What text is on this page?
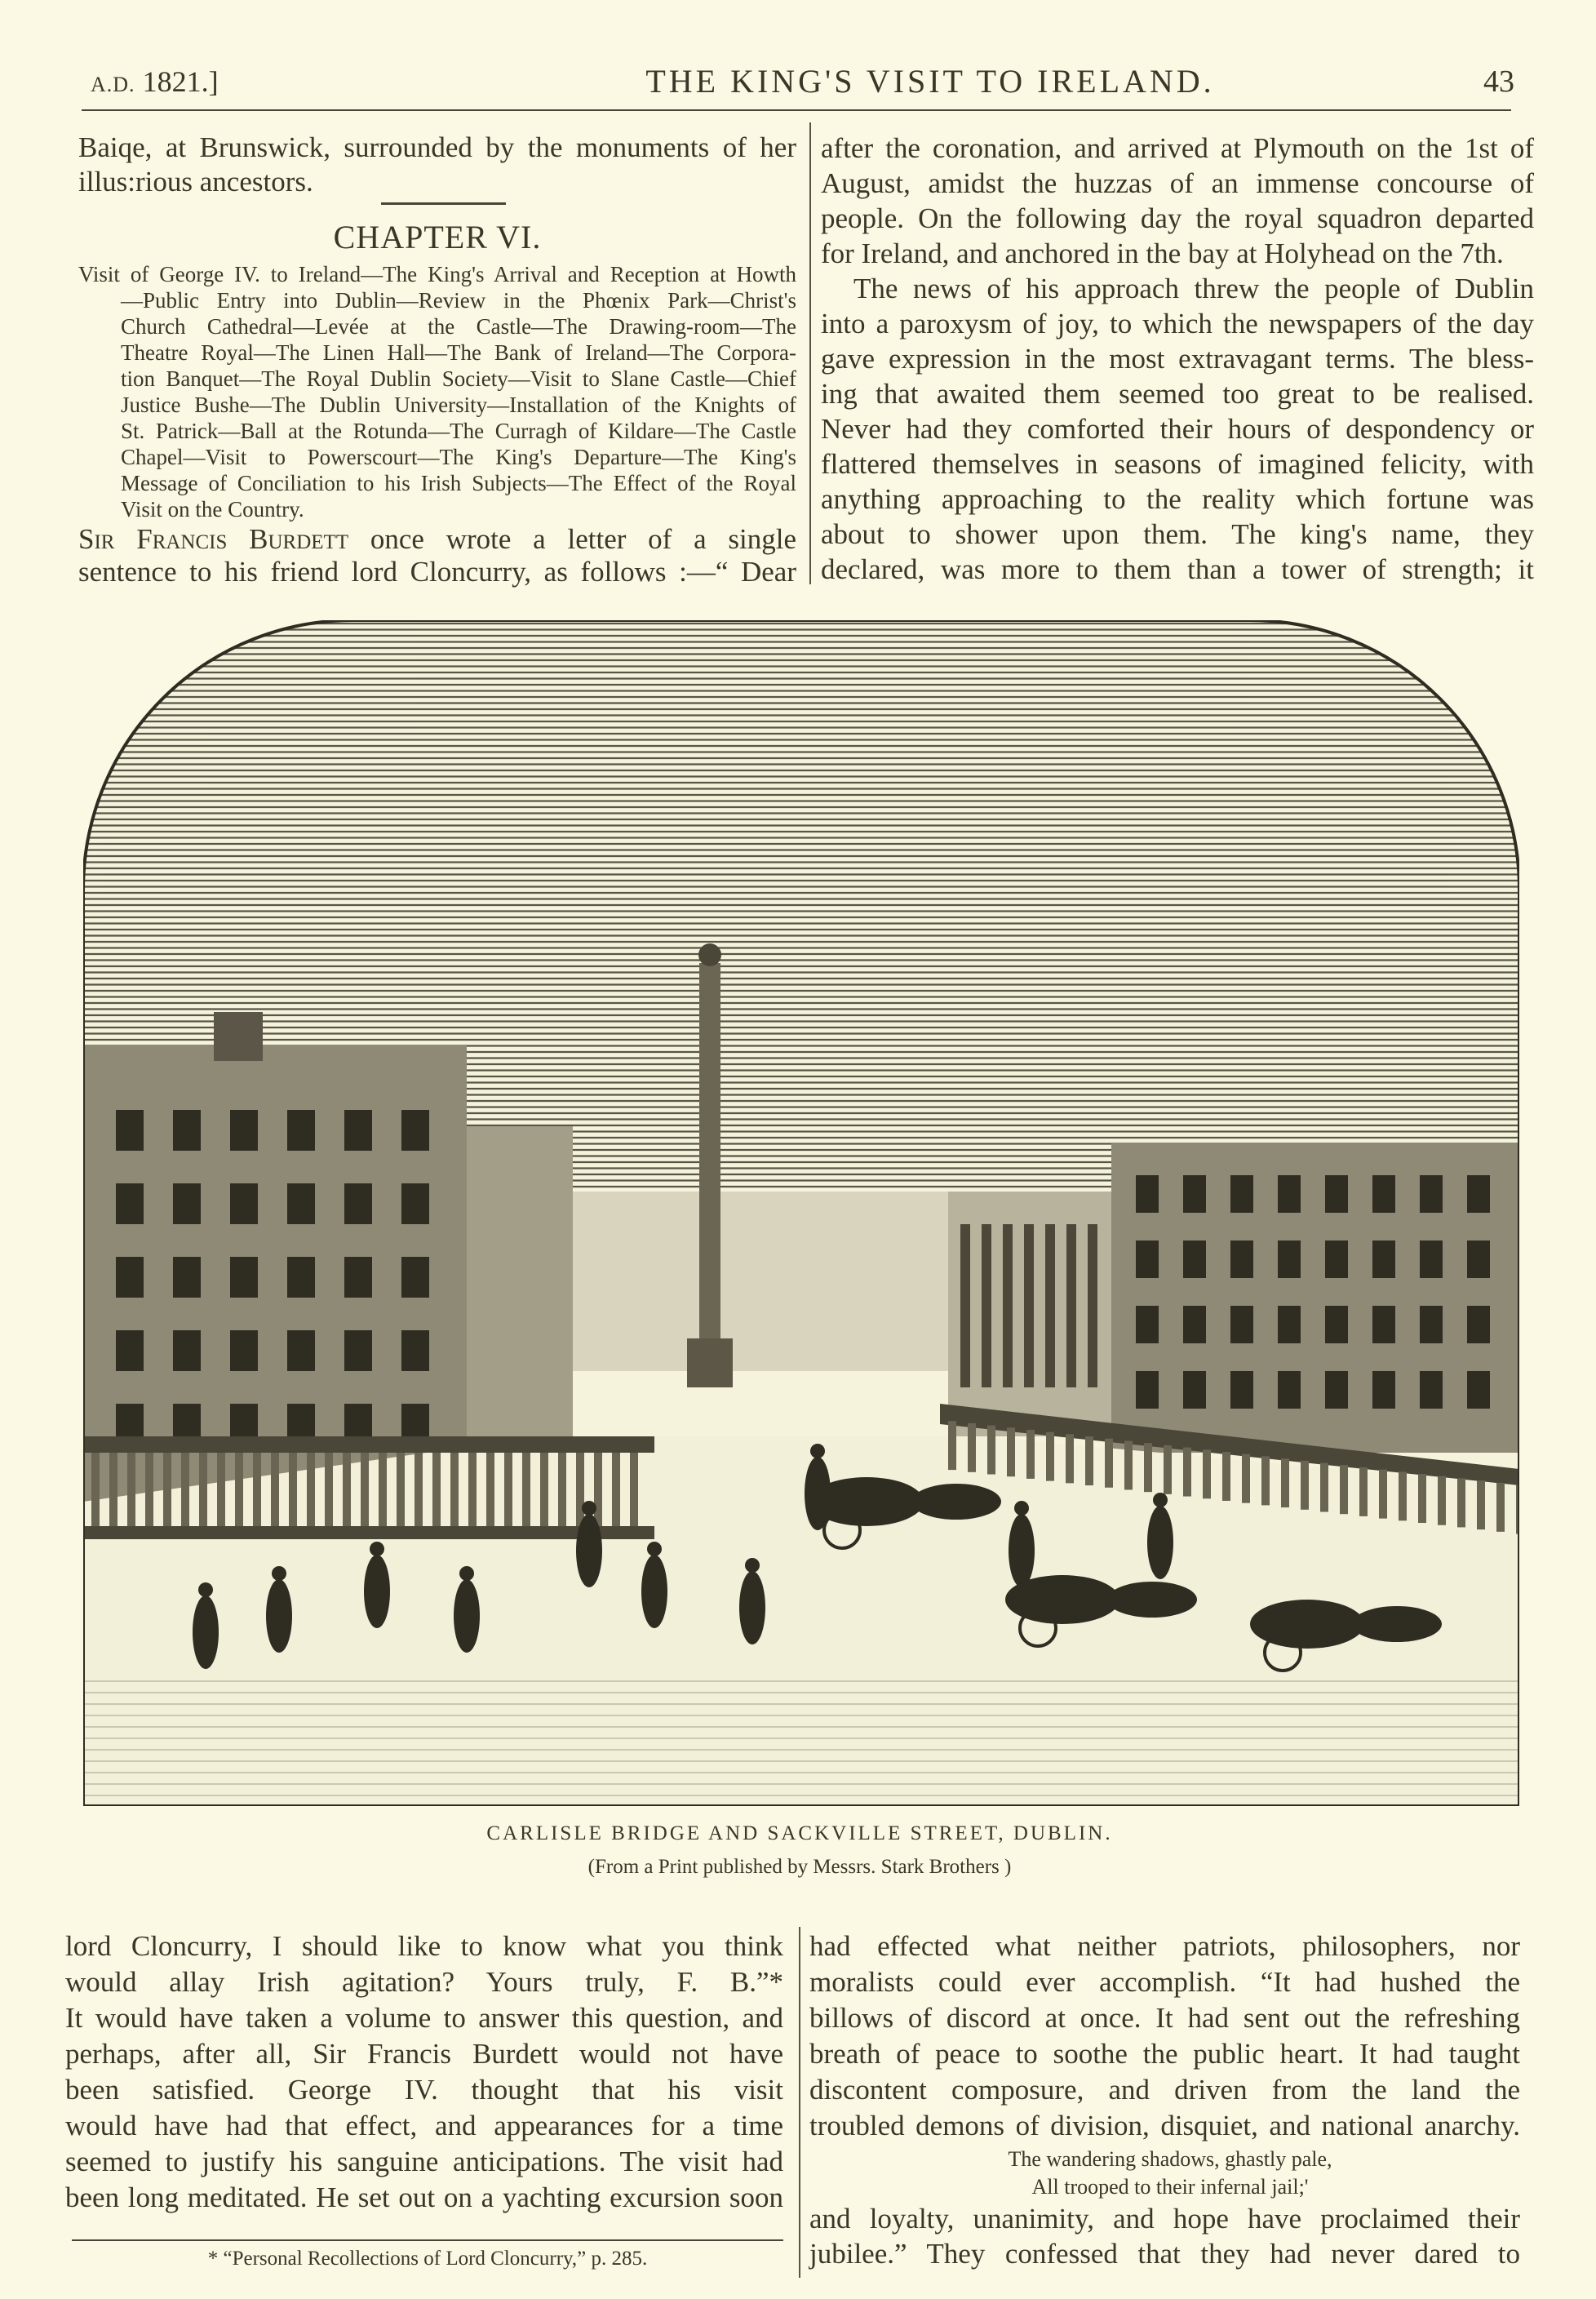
A.D. 1821.]	THE KING'S VISIT TO IRELAND.	43
Baiqe, at Brunswick, surrounded by the monuments of her
illus:rious ancestors.
CHAPTER VI.
Visit of George IV. to Ireland—The King's Arrival and Reception at Howth
—Public Entry into Dublin—Review in the Phœnix Park—Christ's
Church Cathedral—Levée at the Castle—The Drawing-room—The
Theatre Royal—The Linen Hall—The Bank of Ireland—The Corpora-
tion Banquet—The Royal Dublin Society—Visit to Slane Castle—Chief
Justice Bushe—The Dublin University—Installation of the Knights of
St. Patrick—Ball at the Rotunda—The Curragh of Kildare—The Castle
Chapel—Visit to Powerscourt—The King's Departure—The King's
Message of Conciliation to his Irish Subjects—The Effect of the Royal
Visit on the Country.
Sir Francis Burdett once wrote a letter of a single
sentence to his friend lord Cloncurry, as follows :—“ Dear
after the coronation, and arrived at Plymouth on the 1st of
August, amidst the huzzas of an immense concourse of
people. On the following day the royal squadron departed
for Ireland, and anchored in the bay at Holyhead on the 7th.
The news of his approach threw the people of Dublin
into a paroxysm of joy, to which the newspapers of the day
gave expression in the most extravagant terms. The bless-
ing that awaited them seemed too great to be realised.
Never had they comforted their hours of despondency or
flattered themselves in seasons of imagined felicity, with
anything approaching to the reality which fortune was
about to shower upon them. The king's name, they
declared, was more to them than a tower of strength; it
CARLISLE BRIDGE AND SACKVILLE STREET, DUBLIN.
(From a Print published by Messrs. Stark Brothers )
lord Cloncurry, I should like to know what you think
would allay Irish agitation? Yours truly, F. B.”*
It would have taken a volume to answer this question, and
perhaps, after all, Sir Francis Burdett would not have
been satisfied. George IV. thought that his visit
would have had that effect, and appearances for a time
seemed to justify his sanguine anticipations. The visit had
been long meditated. He set out on a yachting excursion soon
* “Personal Recollections of Lord Cloncurry,” p. 285.
had effected what neither patriots, philosophers, nor
moralists could ever accomplish. “It had hushed the
billows of discord at once. It had sent out the refreshing
breath of peace to soothe the public heart. It had taught
discontent composure, and driven from the land the
troubled demons of division, disquiet, and national anarchy.
The wandering shadows, ghastly pale,
All trooped to their infernal jail;'
and loyalty, unanimity, and hope have proclaimed their
jubilee.” They confessed that they had never dared to
